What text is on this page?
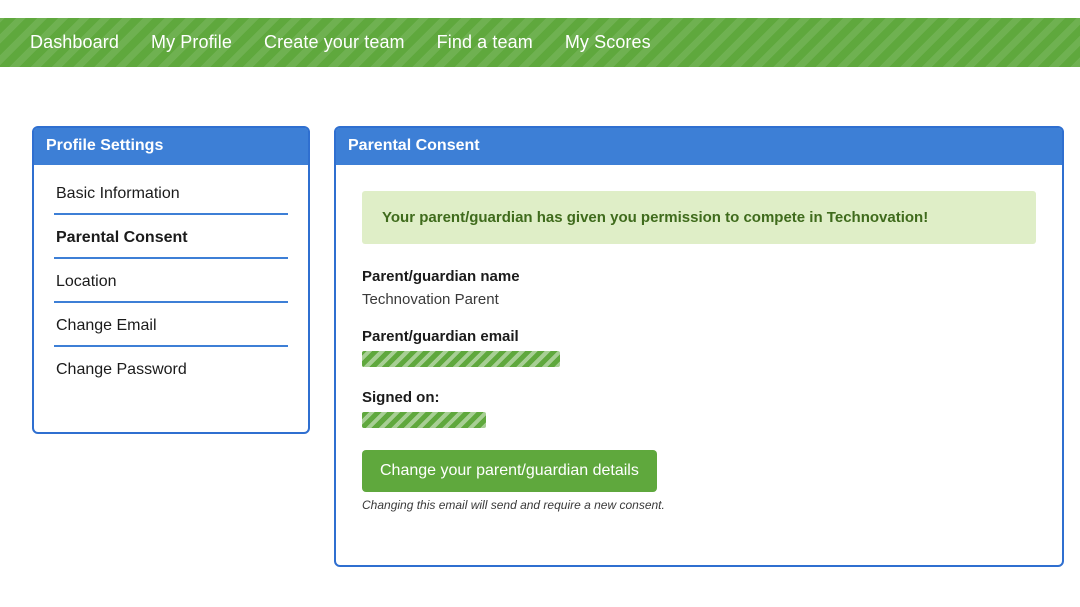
Dashboard My Profile Create your team Find a team My Scores
Profile Settings
Basic Information
Parental Consent
Location
Change Email
Change Password
Parental Consent
Your parent/guardian has given you permission to compete in Technovation!
Parent/guardian name
Technovation Parent
Parent/guardian email
Signed on:
Change your parent/guardian details
Changing this email will send and require a new consent.
